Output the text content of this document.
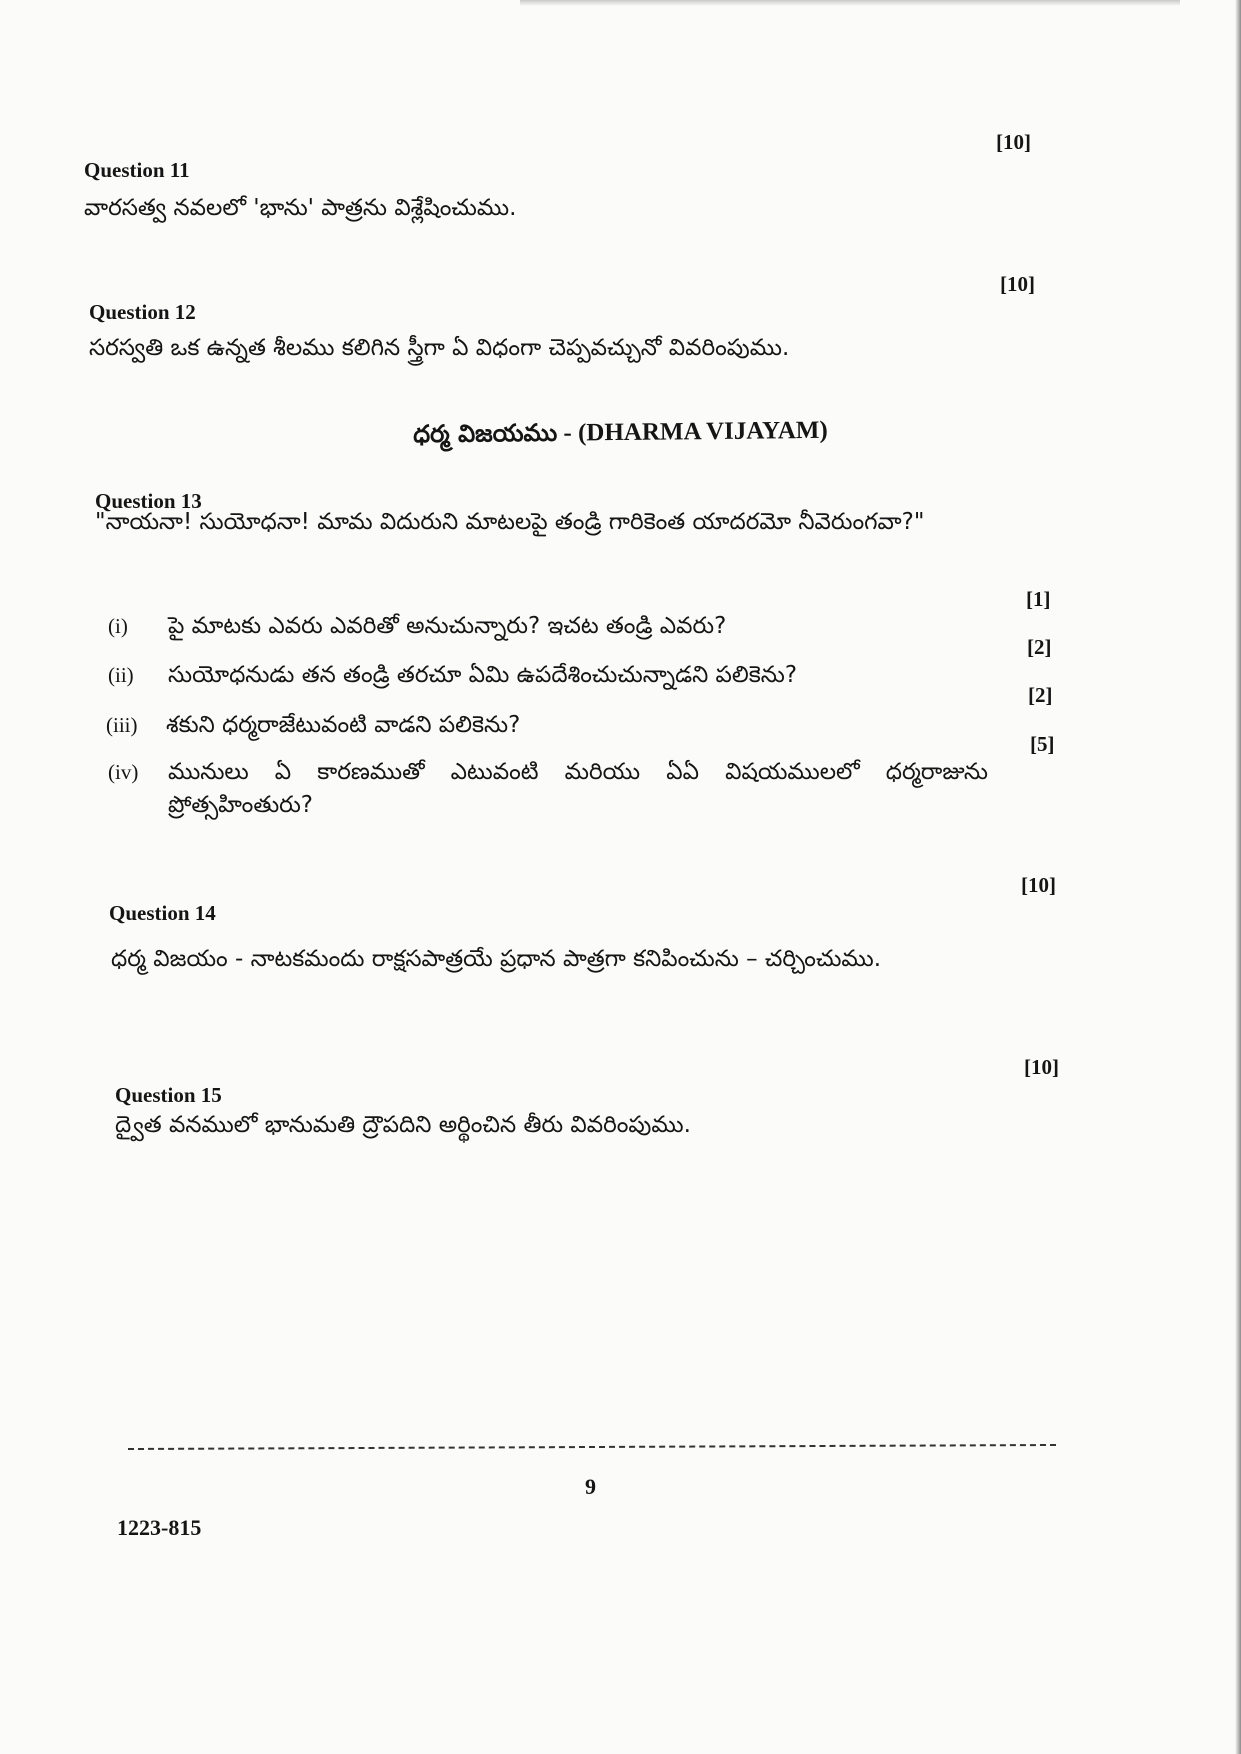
[10]
Question 11
వారసత్వ నవలలో 'భాను' పాత్రను విశ్లేషించుము.
[10]
Question 12
సరస్వతి ఒక ఉన్నత శీలము కలిగిన స్త్రీగా ఏ విధంగా చెప్పవచ్చునో వివరింపుము.
ధర్మ విజయము - (DHARMA VIJAYAM)
Question 13
"నాయనా! సుయోధనా! మామ విదురుని మాటలపై తండ్రి గారికెంత యాదరమో నీవెరుంగవా?"
(i)	పై మాటకు ఎవరు ఎవరితో అనుచున్నారు? ఇచట తండ్రి ఎవరు?
[1]
(ii)	సుయోధనుడు తన తండ్రి తరచూ ఏమి ఉపదేశించుచున్నాడని పలికెను?
[2]
(iii)	శకుని ధర్మరాజేటువంటి వాడని పలికెను?
[2]
(iv)	మునులు ఏ కారణముతో ఎటువంటి మరియు ఏఏ విషయములలో ధర్మరాజును ప్రోత్సహింతురు?
[5]
[10]
Question 14
ధర్మ విజయం - నాటకమందు రాక్షసపాత్రయే ప్రధాన పాత్రగా కనిపించును – చర్చించుము.
[10]
Question 15
ద్వైత వనములో భానుమతి ద్రౌపదిని అర్థించిన తీరు వివరింపుము.
9
1223-815
